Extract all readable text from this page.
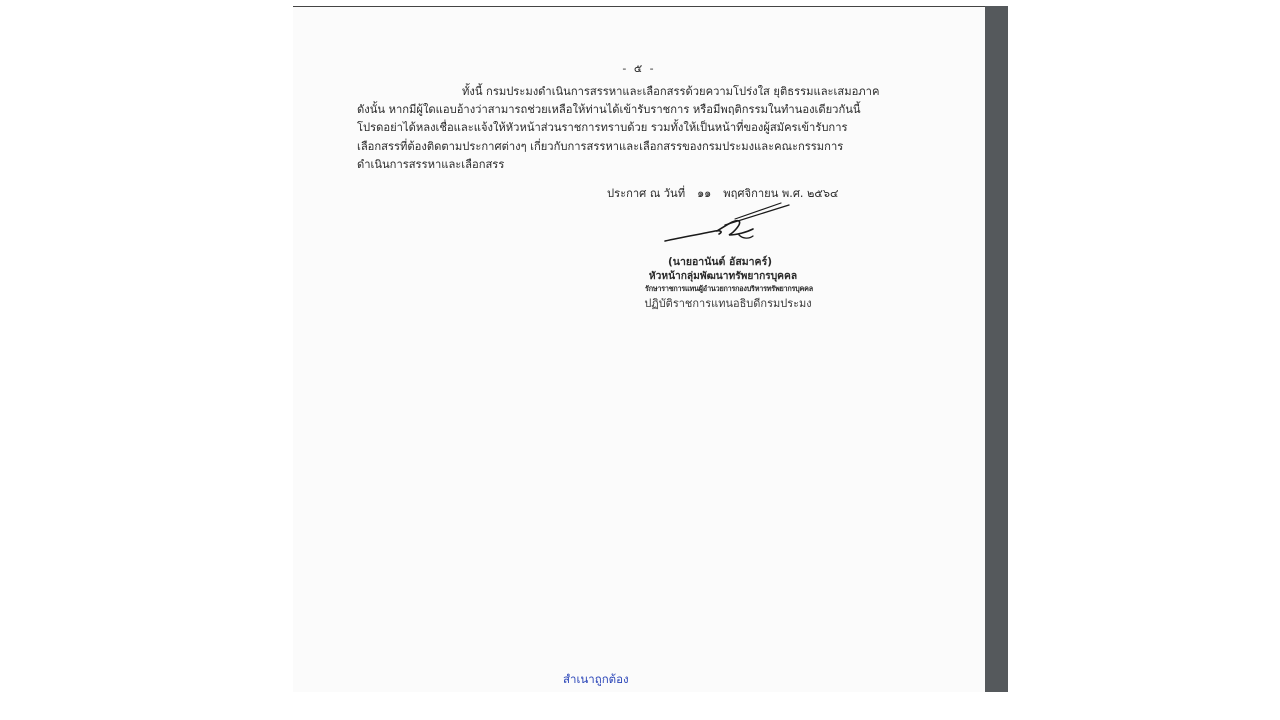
- ๕ -

ทั้งนี้ กรมประมงดำเนินการสรรหาและเลือกสรรด้วยความโปร่งใส ยุติธรรมและเสมอภาค
ดังนั้น หากมีผู้ใดแอบอ้างว่าสามารถช่วยเหลือให้ท่านได้เข้ารับราชการ หรือมีพฤติกรรมในทำนองเดียวกันนี้
โปรดอย่าได้หลงเชื่อและแจ้งให้หัวหน้าส่วนราชการทราบด้วย รวมทั้งให้เป็นหน้าที่ของผู้สมัครเข้ารับการ
เลือกสรรที่ต้องติดตามประกาศต่างๆ เกี่ยวกับการสรรหาและเลือกสรรของกรมประมงและคณะกรรมการ
ดำเนินการสรรหาและเลือกสรร

ประกาศ ณ วันที่ ๑๑ พฤศจิกายน พ.ศ. ๒๕๖๔
(นายอานันต์ อัสมาคร์)
หัวหน้ากลุ่มพัฒนาทรัพยากรบุคคล
รักษาราชการแทนผู้อำนวยการกองบริหารทรัพยากรบุคคล
ปฏิบัติราชการแทนอธิบดีกรมประมง
สำเนาถูกต้อง
